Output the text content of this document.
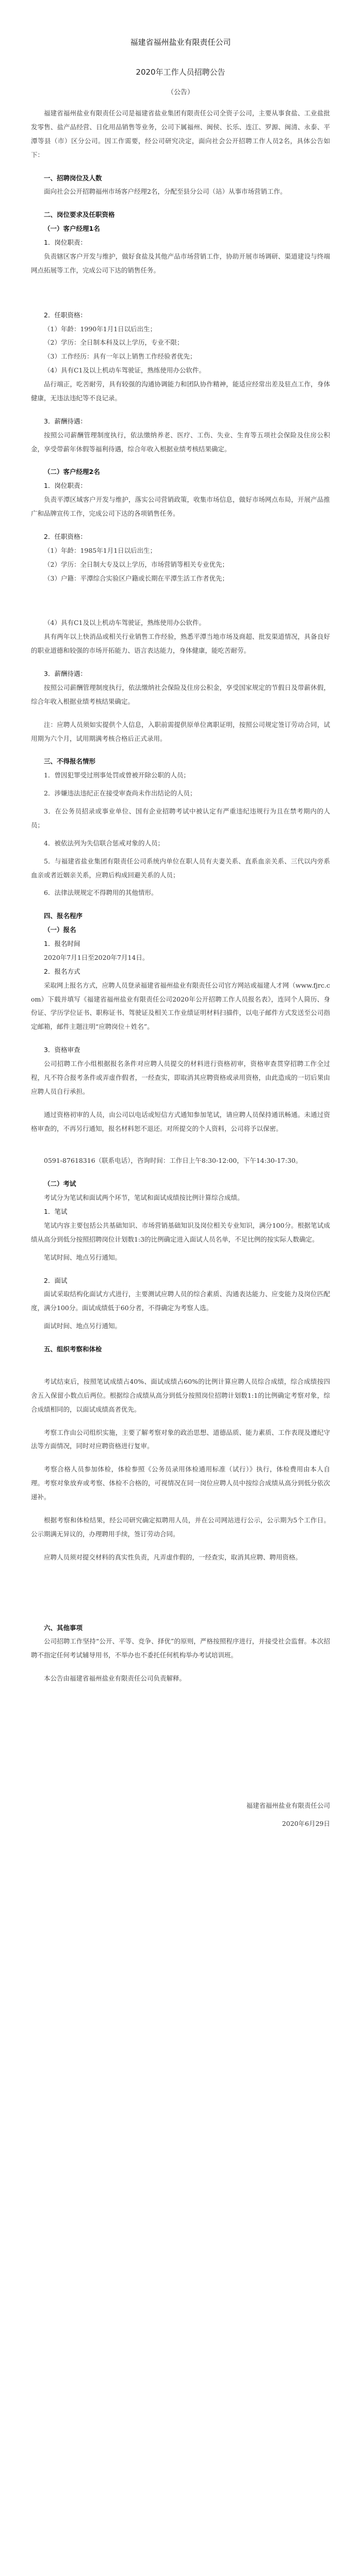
福建省福州盐业有限责任公司
2020年工作人员招聘公告
（公告）

福建省福州盐业有限责任公司是福建省盐业集团有限责任公司全资子公司，主要从事食盐、工业盐批发零售、盐产品经营、日化用品销售等业务，公司下属福州、闽侯、长乐、连江、罗源、闽清、永泰、平潭等县（市）区分公司。因工作需要，经公司研究决定，面向社会公开招聘工作人员2名，具体公告如下：

一、招聘岗位及人数

面向社会公开招聘福州市场客户经理2名，分配至县分公司（站）从事市场营销工作。

二、岗位要求及任职资格

（一）客户经理1名

1．岗位职责：

负责辖区客户开发与维护，做好食盐及其他产品市场营销工作，协助开展市场调研、渠道建设与终端网点拓展等工作，完成公司下达的销售任务。

2．任职资格：

（1）年龄：1990年1月1日以后出生；

（2）学历：全日制本科及以上学历，专业不限；

（3）工作经历：具有一年以上销售工作经验者优先；

（4）具有C1及以上机动车驾驶证，熟练使用办公软件。

品行端正，吃苦耐劳，具有较强的沟通协调能力和团队协作精神，能适应经常出差及驻点工作，身体健康，无违法违纪等不良记录。

3．薪酬待遇：

按照公司薪酬管理制度执行，依法缴纳养老、医疗、工伤、失业、生育等五项社会保险及住房公积金，享受带薪年休假等福利待遇，综合年收入根据业绩考核结果确定。

（二）客户经理2名

1．岗位职责：

负责平潭区域客户开发与维护，落实公司营销政策，收集市场信息，做好市场网点布局，开展产品推广和品牌宣传工作，完成公司下达的各项销售任务。

2．任职资格：

（1）年龄：1985年1月1日以后出生；

（2）学历：全日制大专及以上学历，市场营销等相关专业优先；

（3）户籍：平潭综合实验区户籍或长期在平潭生活工作者优先；

（4）具有C1及以上机动车驾驶证，熟练使用办公软件。

具有两年以上快消品或相关行业销售工作经验，熟悉平潭当地市场及商超、批发渠道情况，具备良好的职业道德和较强的市场开拓能力、语言表达能力，身体健康，能吃苦耐劳。

3．薪酬待遇：

按照公司薪酬管理制度执行，依法缴纳社会保险及住房公积金，享受国家规定的节假日及带薪休假，综合年收入根据业绩考核结果确定。

注：应聘人员须如实提供个人信息，入职前需提供原单位离职证明，按照公司规定签订劳动合同，试用期为六个月，试用期满考核合格后正式录用。

三、不得报名情形

1．曾因犯罪受过刑事处罚或曾被开除公职的人员；

2．涉嫌违法违纪正在接受审查尚未作出结论的人员；

3．在公务员招录或事业单位、国有企业招聘考试中被认定有严重违纪违规行为且在禁考期内的人员；

4．被依法列为失信联合惩戒对象的人员；

5．与福建省盐业集团有限责任公司系统内单位在职人员有夫妻关系、直系血亲关系、三代以内旁系血亲或者近姻亲关系，应聘后构成回避关系的人员；

6．法律法规规定不得聘用的其他情形。

四、报名程序

（一）报名

1．报名时间

2020年7月1日至2020年7月14日。

2．报名方式

采取网上报名方式，应聘人员登录福建省福州盐业有限责任公司官方网站或福建人才网（www.fjrc.com）下载并填写《福建省福州盐业有限责任公司2020年公开招聘工作人员报名表》，连同个人简历、身份证、学历学位证书、职称证书、驾驶证及相关工作业绩证明材料扫描件，以电子邮件方式发送至公司指定邮箱，邮件主题注明“应聘岗位＋姓名”。

3．资格审查

公司招聘工作小组根据报名条件对应聘人员提交的材料进行资格初审，资格审查贯穿招聘工作全过程，凡不符合报考条件或弄虚作假者，一经查实，即取消其应聘资格或录用资格，由此造成的一切后果由应聘人员自行承担。

通过资格初审的人员，由公司以电话或短信方式通知参加笔试，请应聘人员保持通讯畅通。未通过资格审查的，不再另行通知，报名材料恕不退还。对所提交的个人资料，公司将予以保密。

0591-87618316（联系电话），咨询时间：工作日上午8:30-12:00，下午14:30-17:30。

（二）考试

考试分为笔试和面试两个环节，笔试和面试成绩按比例计算综合成绩。

1．笔试

笔试内容主要包括公共基础知识、市场营销基础知识及岗位相关专业知识，满分100分。根据笔试成绩从高分到低分按照招聘岗位计划数1:3的比例确定进入面试人员名单，不足比例的按实际人数确定。

笔试时间、地点另行通知。

2．面试

面试采取结构化面试方式进行，主要测试应聘人员的综合素质、沟通表达能力、应变能力及岗位匹配度，满分100分。面试成绩低于60分者，不得确定为考察人选。

面试时间、地点另行通知。

五、组织考察和体检

考试结束后，按照笔试成绩占40%、面试成绩占60%的比例计算应聘人员综合成绩，综合成绩按四舍五入保留小数点后两位。根据综合成绩从高分到低分按照岗位招聘计划数1:1的比例确定考察对象，综合成绩相同的，以面试成绩高者优先。

考察工作由公司组织实施，主要了解考察对象的政治思想、道德品质、能力素质、工作表现及遵纪守法等方面情况，同时对应聘资格进行复审。

考察合格人员参加体检，体检参照《公务员录用体检通用标准（试行）》执行，体检费用由本人自理。考察对象放弃或考察、体检不合格的，可视情况在同一岗位应聘人员中按综合成绩从高分到低分依次递补。

根据考察和体检结果，经公司研究确定拟聘用人员，并在公司网站进行公示，公示期为5个工作日。公示期满无异议的，办理聘用手续，签订劳动合同。

应聘人员须对提交材料的真实性负责，凡弄虚作假的，一经查实，取消其应聘、聘用资格。

六、其他事项

公司招聘工作坚持“公开、平等、竞争、择优”的原则，严格按照程序进行，并接受社会监督。本次招聘不指定任何考试辅导用书，不举办也不委托任何机构举办考试培训班。

本公告由福建省福州盐业有限责任公司负责解释。

福建省福州盐业有限责任公司

2020年6月29日
